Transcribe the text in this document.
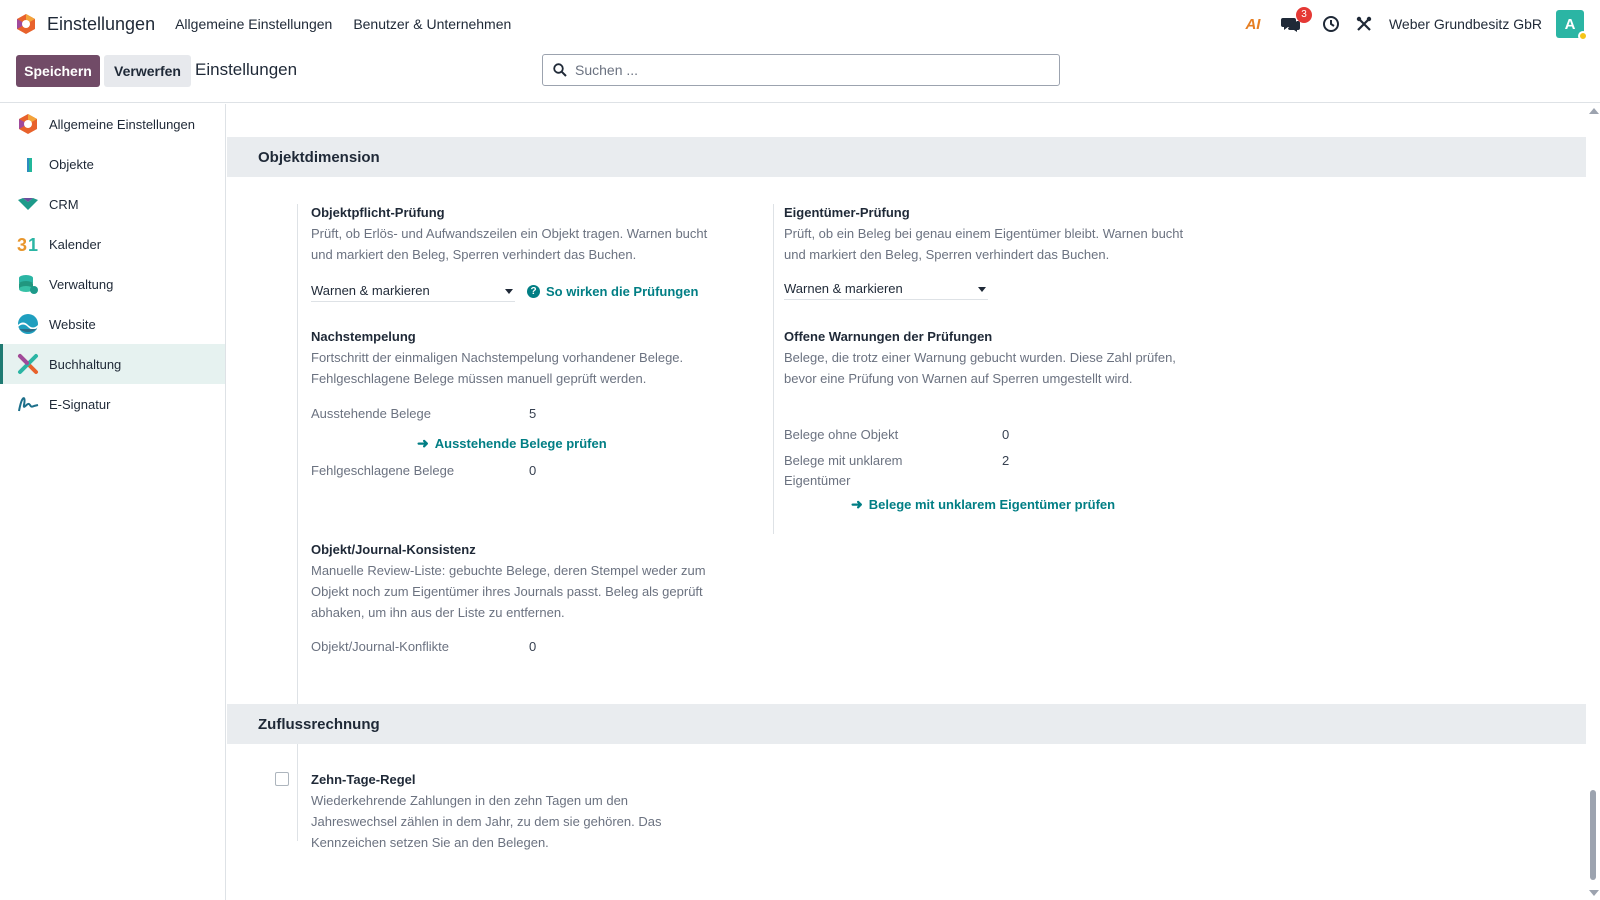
Einstellungen Allgemeine Einstellungen Benutzer & Unternehmen	AI
3
Weber Grundbesitz GbR A
Speichern	Verwerfen Einstellungen
Suchen ...
Allgemeine Einstellungen
Objekte
CRM
3 1 Kalender
Verwaltung
Website
Buchhaltung
E-Signatur
Objektdimension
Objektpflicht-Prüfung
Prüft, ob Erlös- und Aufwandszeilen ein Objekt tragen. Warnen bucht und markiert den Beleg, Sperren verhindert das Buchen.
Warnen & markieren	? So wirken die Prüfungen
Eigentümer-Prüfung
Prüft, ob ein Beleg bei genau einem Eigentümer bleibt. Warnen bucht und markiert den Beleg, Sperren verhindert das Buchen.
Warnen & markieren
Nachstempelung
Fortschritt der einmaligen Nachstempelung vorhandener Belege. Fehlgeschlagene Belege müssen manuell geprüft werden.
Ausstehende Belege	5
➜ Ausstehende Belege prüfen
Fehlgeschlagene Belege	0
Offene Warnungen der Prüfungen
Belege, die trotz einer Warnung gebucht wurden. Diese Zahl prüfen, bevor eine Prüfung von Warnen auf Sperren umgestellt wird.
Belege ohne Objekt	0
Belege mit unklarem Eigentümer
2
➜ Belege mit unklarem Eigentümer prüfen
Objekt/Journal-Konsistenz
Manuelle Review-Liste: gebuchte Belege, deren Stempel weder zum Objekt noch zum Eigentümer ihres Journals passt. Beleg als geprüft abhaken, um ihn aus der Liste zu entfernen.
Objekt/Journal-Konflikte	0
Zuflussrechnung
Zehn-Tage-Regel
Wiederkehrende Zahlungen in den zehn Tagen um den Jahreswechsel zählen in dem Jahr, zu dem sie gehören. Das Kennzeichen setzen Sie an den Belegen.
